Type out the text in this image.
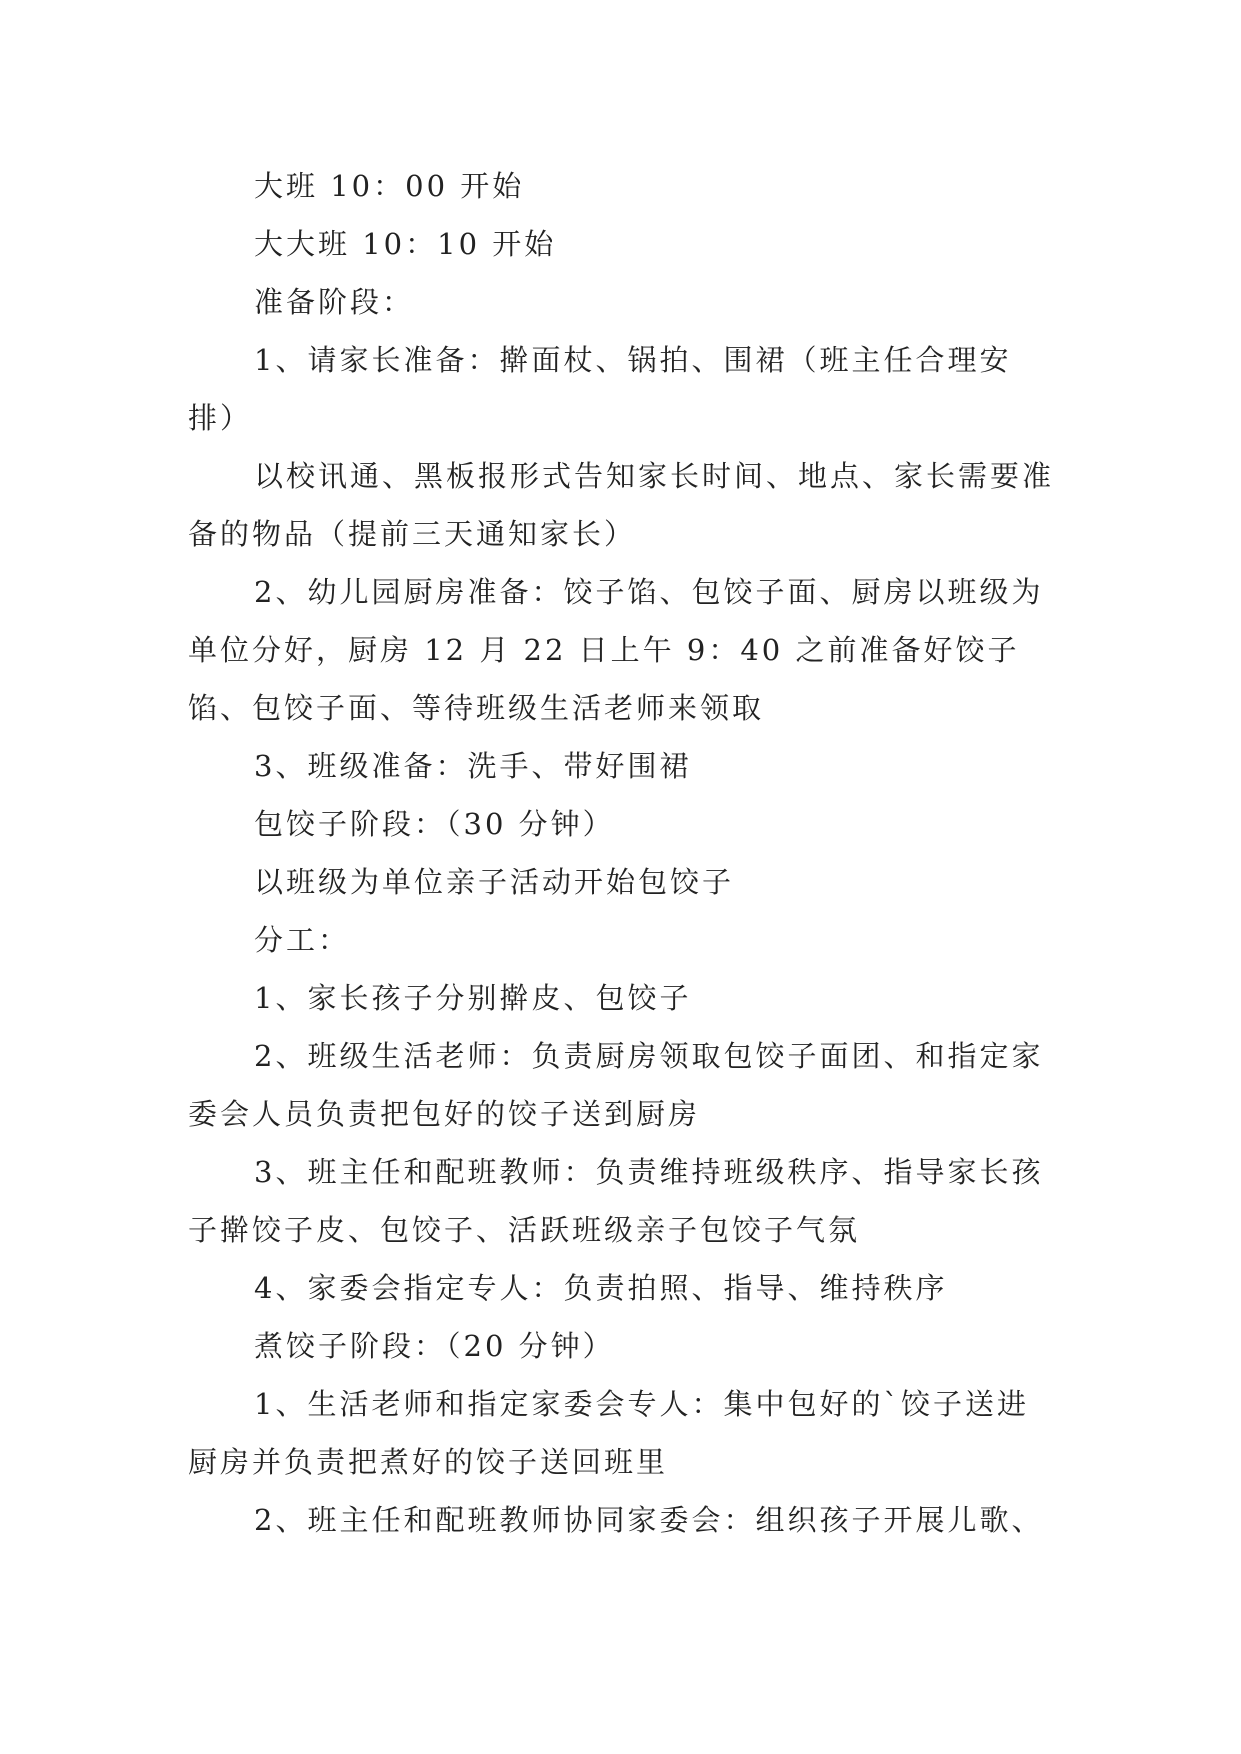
大班 10：00 开始

大大班 10：10 开始

准备阶段：

1、请家长准备：擀面杖、锅拍、围裙（班主任合理安排）

以校讯通、黑板报形式告知家长时间、地点、家长需要准备的物品（提前三天通知家长）

2、幼儿园厨房准备：饺子馅、包饺子面、厨房以班级为单位分好，厨房 12 月 22 日上午 9：40 之前准备好饺子馅、包饺子面、等待班级生活老师来领取

3、班级准备：洗手、带好围裙

包饺子阶段：（30 分钟）

以班级为单位亲子活动开始包饺子

分工：

1、家长孩子分别擀皮、包饺子

2、班级生活老师：负责厨房领取包饺子面团、和指定家委会人员负责把包好的饺子送到厨房

3、班主任和配班教师：负责维持班级秩序、指导家长孩子擀饺子皮、包饺子、活跃班级亲子包饺子气氛

4、家委会指定专人：负责拍照、指导、维持秩序

煮饺子阶段：（20 分钟）

1、生活老师和指定家委会专人：集中包好的`饺子送进厨房并负责把煮好的饺子送回班里

2、班主任和配班教师协同家委会：组织孩子开展儿歌、
